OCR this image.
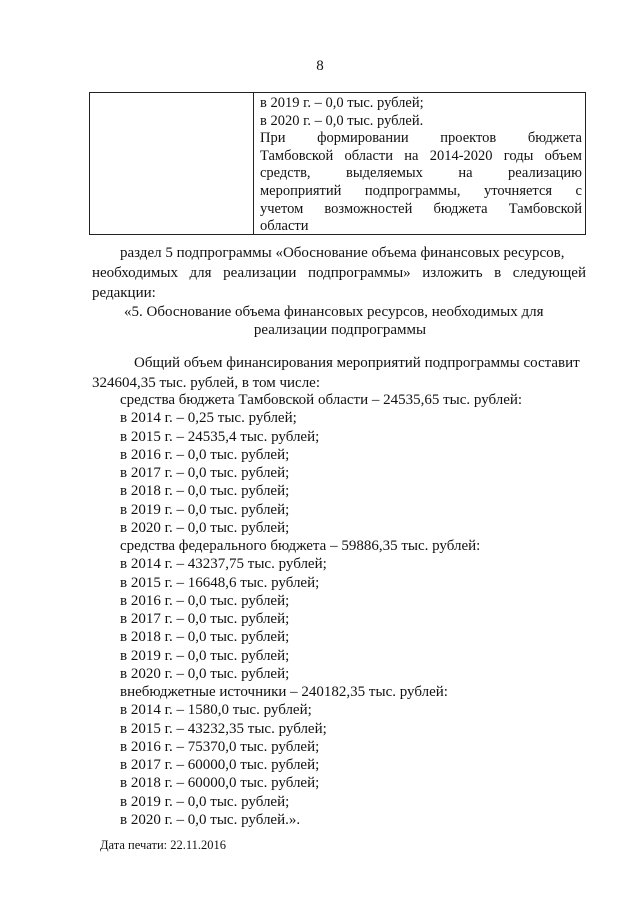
8
в 2019 г. – 0,0 тыс. рублей;
в 2020 г. – 0,0 тыс. рублей.
При формировании проектов бюджета
Тамбовской области на 2014-2020 годы объем
средств, выделяемых на реализацию
мероприятий подпрограммы, уточняется с
учетом возможностей бюджета Тамбовской
области
раздел 5 подпрограммы «Обоснование объема финансовых ресурсов,
необходимых для реализации подпрограммы» изложить в следующей
редакции:
«5. Обоснование объема финансовых ресурсов, необходимых для
реализации подпрограммы
Общий объем финансирования мероприятий подпрограммы составит
324604,35 тыс. рублей, в том числе:
средства бюджета Тамбовской области – 24535,65 тыс. рублей:
в 2014 г. – 0,25 тыс. рублей;
в 2015 г. – 24535,4 тыс. рублей;
в 2016 г. – 0,0 тыс. рублей;
в 2017 г. – 0,0 тыс. рублей;
в 2018 г. – 0,0 тыс. рублей;
в 2019 г. – 0,0 тыс. рублей;
в 2020 г. – 0,0 тыс. рублей;
средства федерального бюджета – 59886,35 тыс. рублей:
в 2014 г. – 43237,75 тыс. рублей;
в 2015 г. – 16648,6 тыс. рублей;
в 2016 г. – 0,0 тыс. рублей;
в 2017 г. – 0,0 тыс. рублей;
в 2018 г. – 0,0 тыс. рублей;
в 2019 г. – 0,0 тыс. рублей;
в 2020 г. – 0,0 тыс. рублей;
внебюджетные источники – 240182,35 тыс. рублей:
в 2014 г. – 1580,0 тыс. рублей;
в 2015 г. – 43232,35 тыс. рублей;
в 2016 г. – 75370,0 тыс. рублей;
в 2017 г. – 60000,0 тыс. рублей;
в 2018 г. – 60000,0 тыс. рублей;
в 2019 г. – 0,0 тыс. рублей;
в 2020 г. – 0,0 тыс. рублей.».
Дата печати: 22.11.2016
